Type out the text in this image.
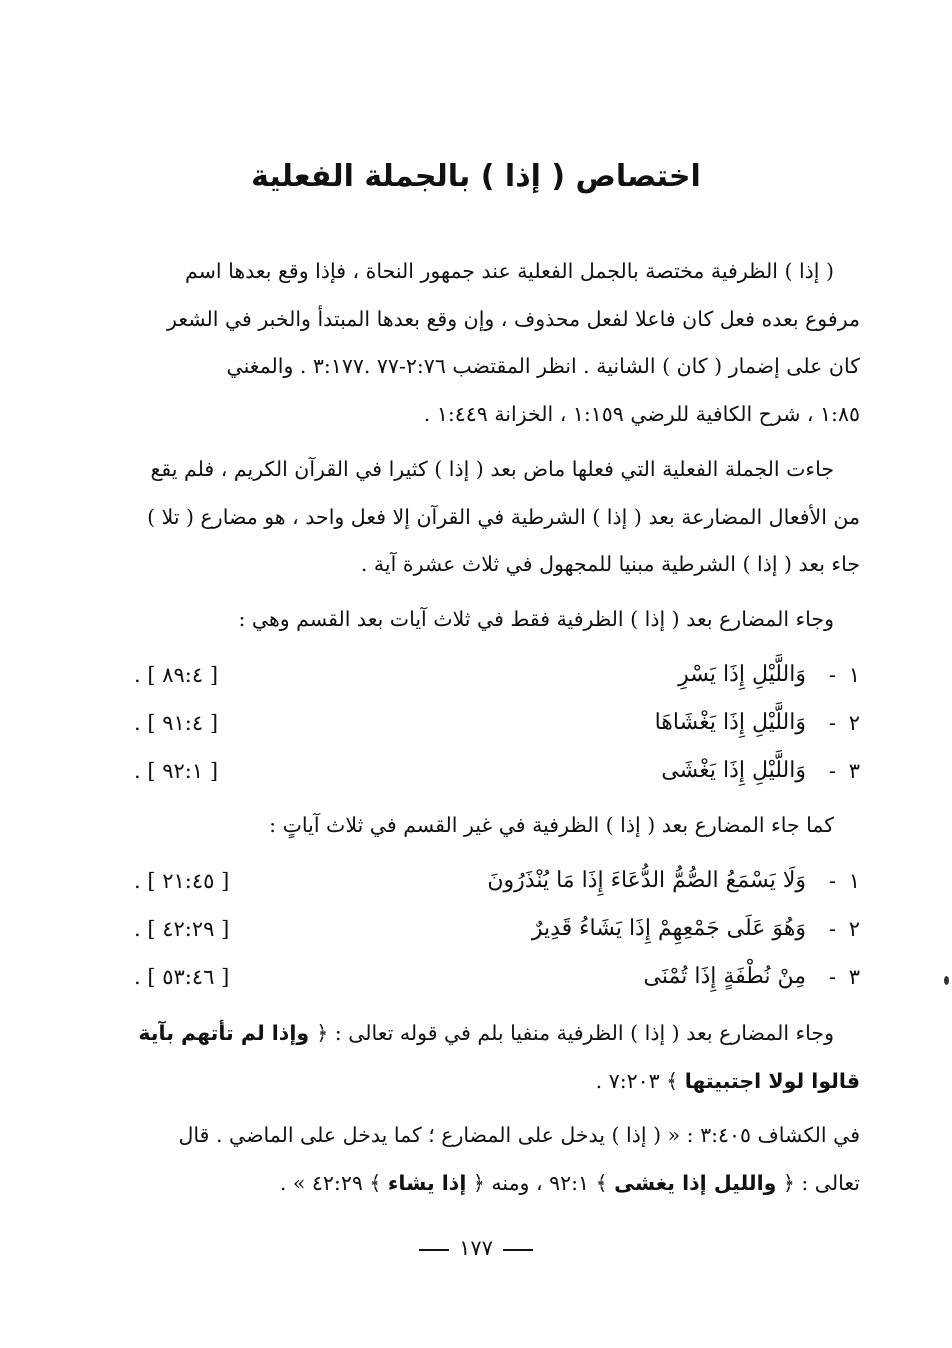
اختصاص ( إذا ) بالجملة الفعلية
( إذا ) الظرفية مختصة بالجمل الفعلية عند جمهور النحاة ، فإذا وقع بعدها اسم
مرفوع بعده فعل كان فاعلا لفعل محذوف ، وإن وقع بعدها المبتدأ والخبر في الشعر
كان على إضمار ( كان ) الشانية . انظر المقتضب ٢:٧٦-٧٧ .٣:١٧٧ . والمغني
١:٨٥ ، شرح الكافية للرضي ١:١٥٩ ، الخزانة ١:٤٤٩ .
جاءت الجملة الفعلية التي فعلها ماض بعد ( إذا ) كثيرا في القرآن الكريم ، فلم يقع
من الأفعال المضارعة بعد ( إذا ) الشرطية في القرآن إلا فعل واحد ، هو مضارع ( تلا )
جاء بعد ( إذا ) الشرطية مبنيا للمجهول في ثلاث عشرة آية .
وجاء المضارع بعد ( إذا ) الظرفية فقط في ثلاث آيات بعد القسم وهي :
١
-
وَاللَّيْلِ إِذَا يَسْرِ
. [ ٨٩:٤ ]
٢
-
وَاللَّيْلِ إِذَا يَغْشَاهَا
. [ ٩١:٤ ]
٣
-
وَاللَّيْلِ إِذَا يَغْشَى
. [ ٩٢:١ ]
كما جاء المضارع بعد ( إذا ) الظرفية في غير القسم في ثلاث آياتٍ :
١
-
وَلَا يَسْمَعُ الصُّمُّ الدُّعَاءَ إِذَا مَا يُنْذَرُونَ
. [ ٢١:٤٥ ]
٢
-
وَهُوَ عَلَى جَمْعِهِمْ إِذَا يَشَاءُ قَدِيرٌ
. [ ٤٢:٢٩ ]
٣
-
مِنْ نُطْفَةٍ إِذَا تُمْنَى
. [ ٥٣:٤٦ ]
وجاء المضارع بعد ( إذا ) الظرفية منفيا بلم في قوله تعالى : ﴿ وإذا لم تأتهم بآية
قالوا لولا اجتبيتها ﴾ ٧:٢٠٣ .
في الكشاف ٣:٤٠٥ : « ( إذا ) يدخل على المضارع ؛ كما يدخل على الماضي . قال
تعالى : ﴿ والليل إذا يغشى ﴾ ٩٢:١ ، ومنه ﴿ إذا يشاء ﴾ ٤٢:٢٩ » .
١٧٧
